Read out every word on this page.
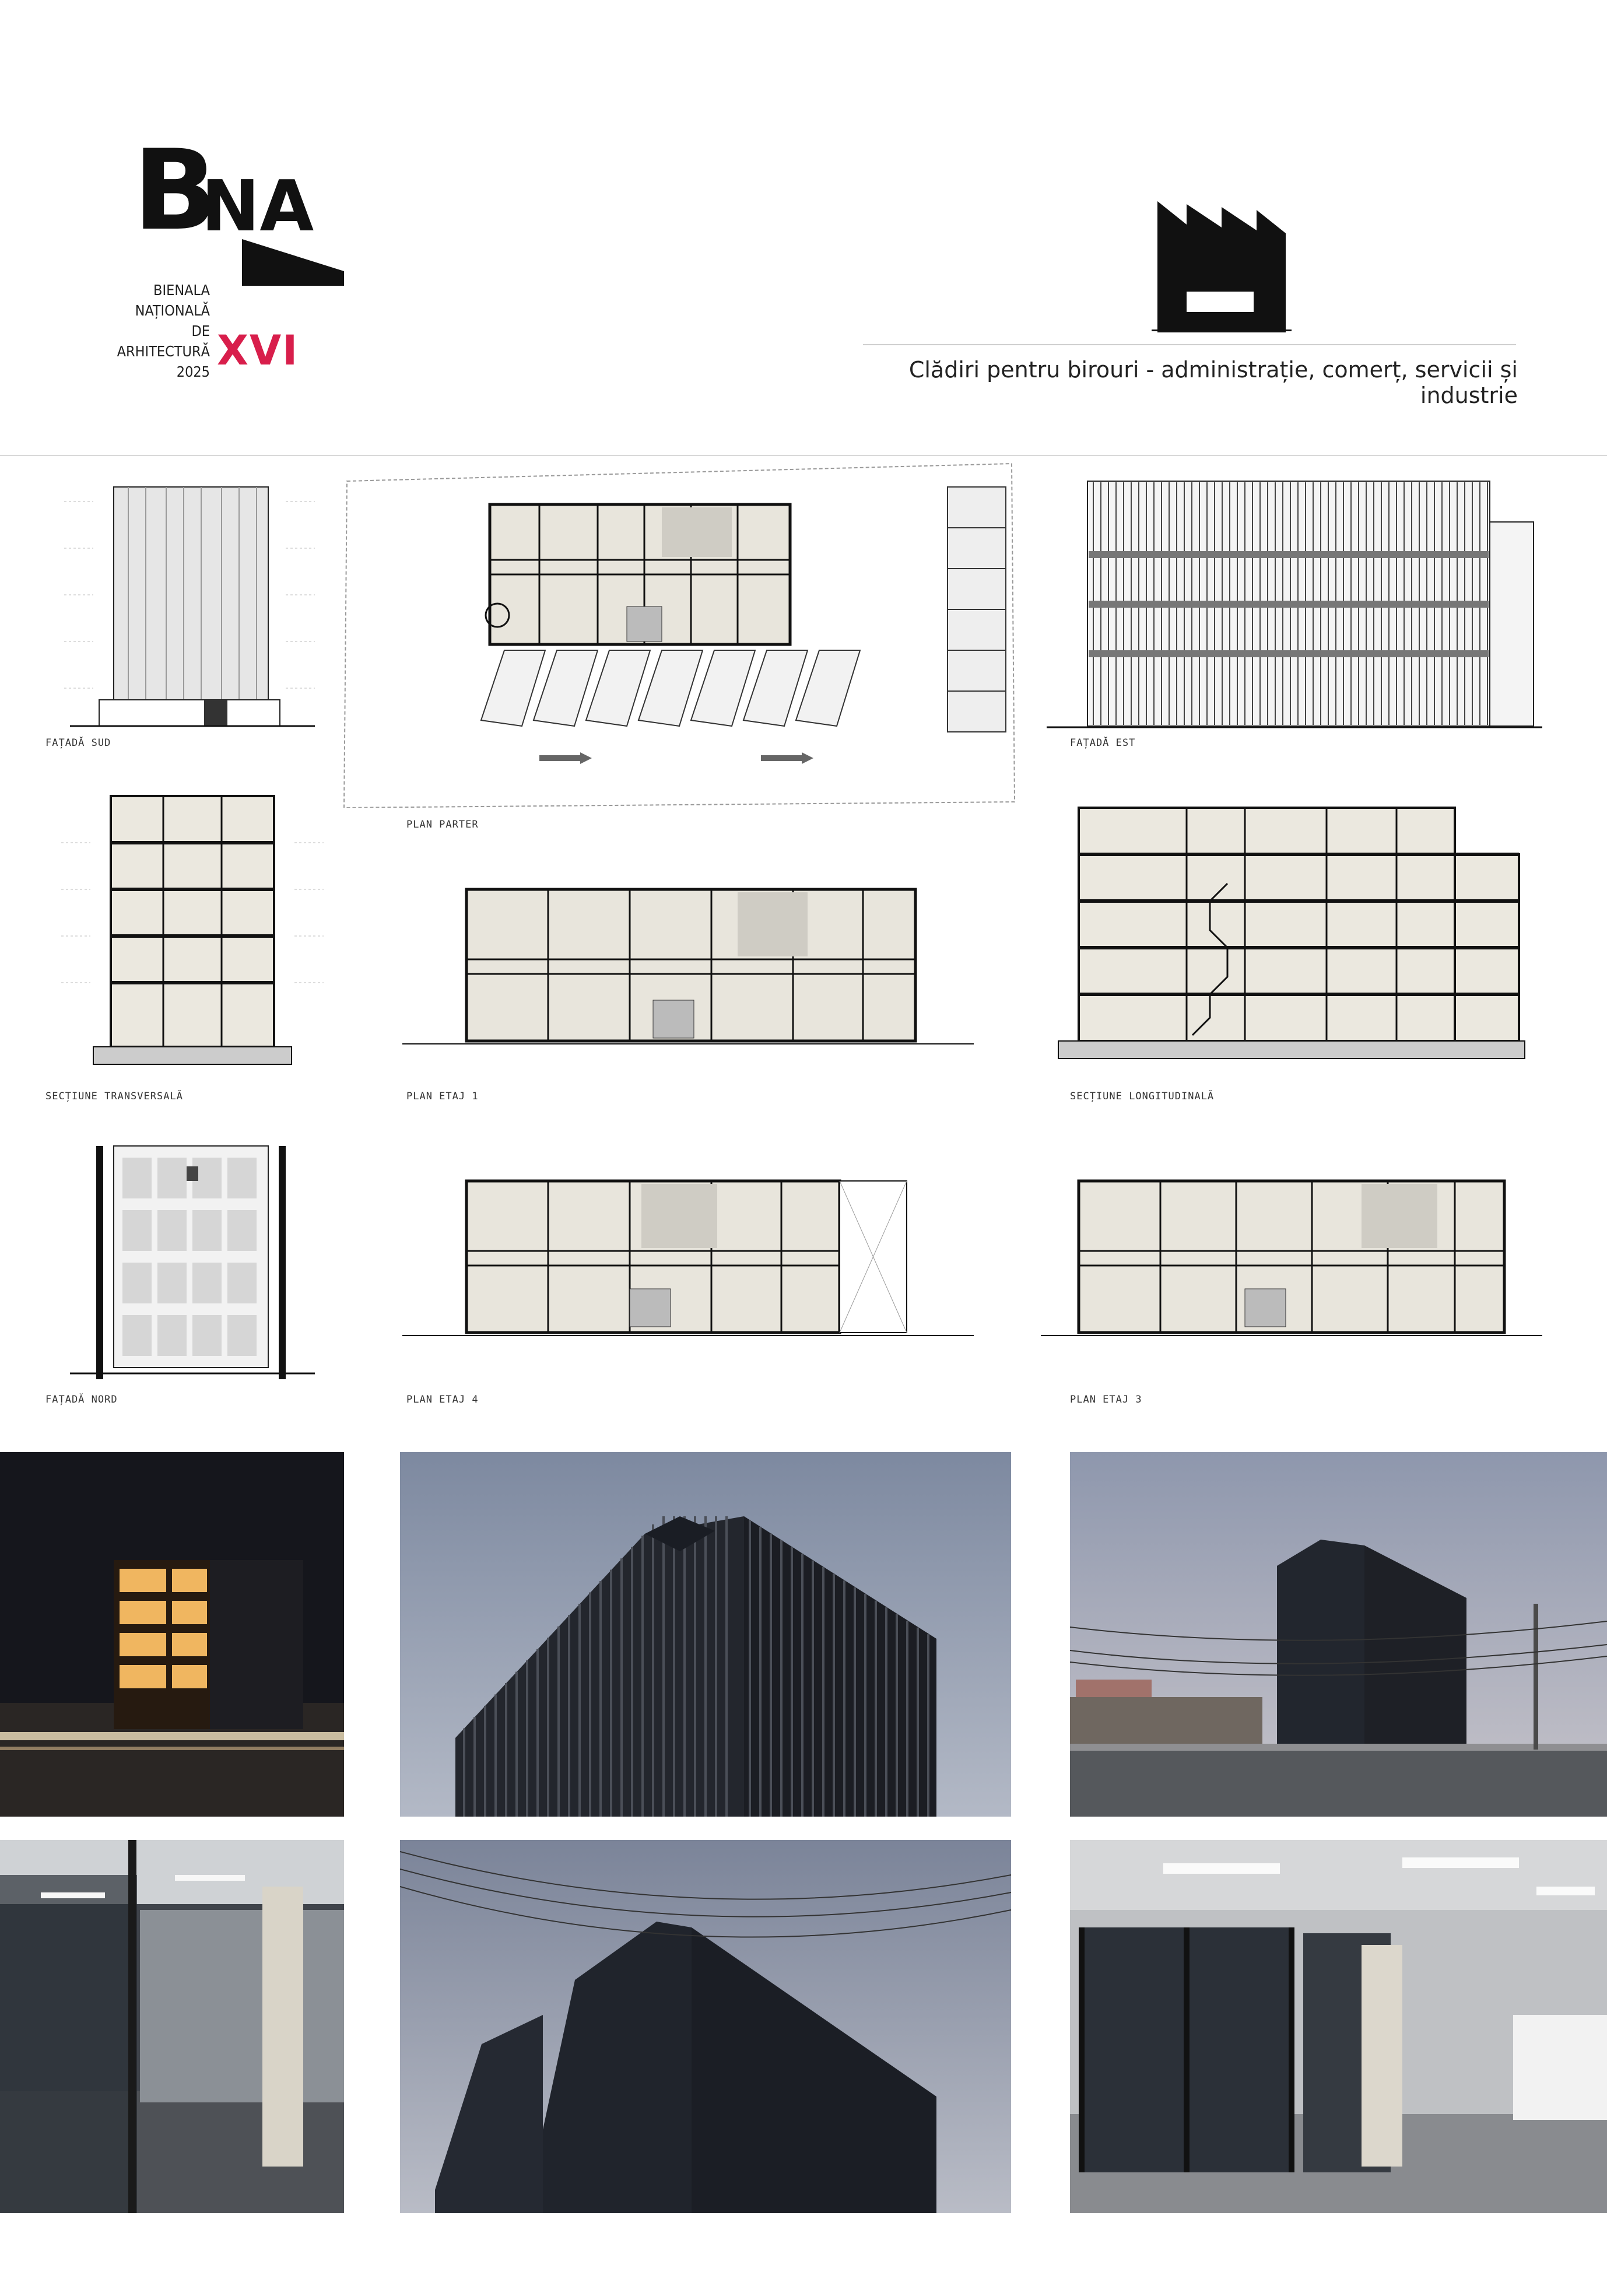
B
NA
BIENALA
NAȚIONALĂ
DE
ARHITECTURĂ
2025 XVI	Clădiri pentru birouri - administrație, comerț, servicii și industrie
FAȚADĂ SUD
PLAN PARTER
FAȚADĂ EST
SECȚIUNE TRANSVERSALĂ	PLAN ETAJ 1	SECȚIUNE LONGITUDINALĂ
FAȚADĂ NORD	PLAN ETAJ 4	PLAN ETAJ 3
